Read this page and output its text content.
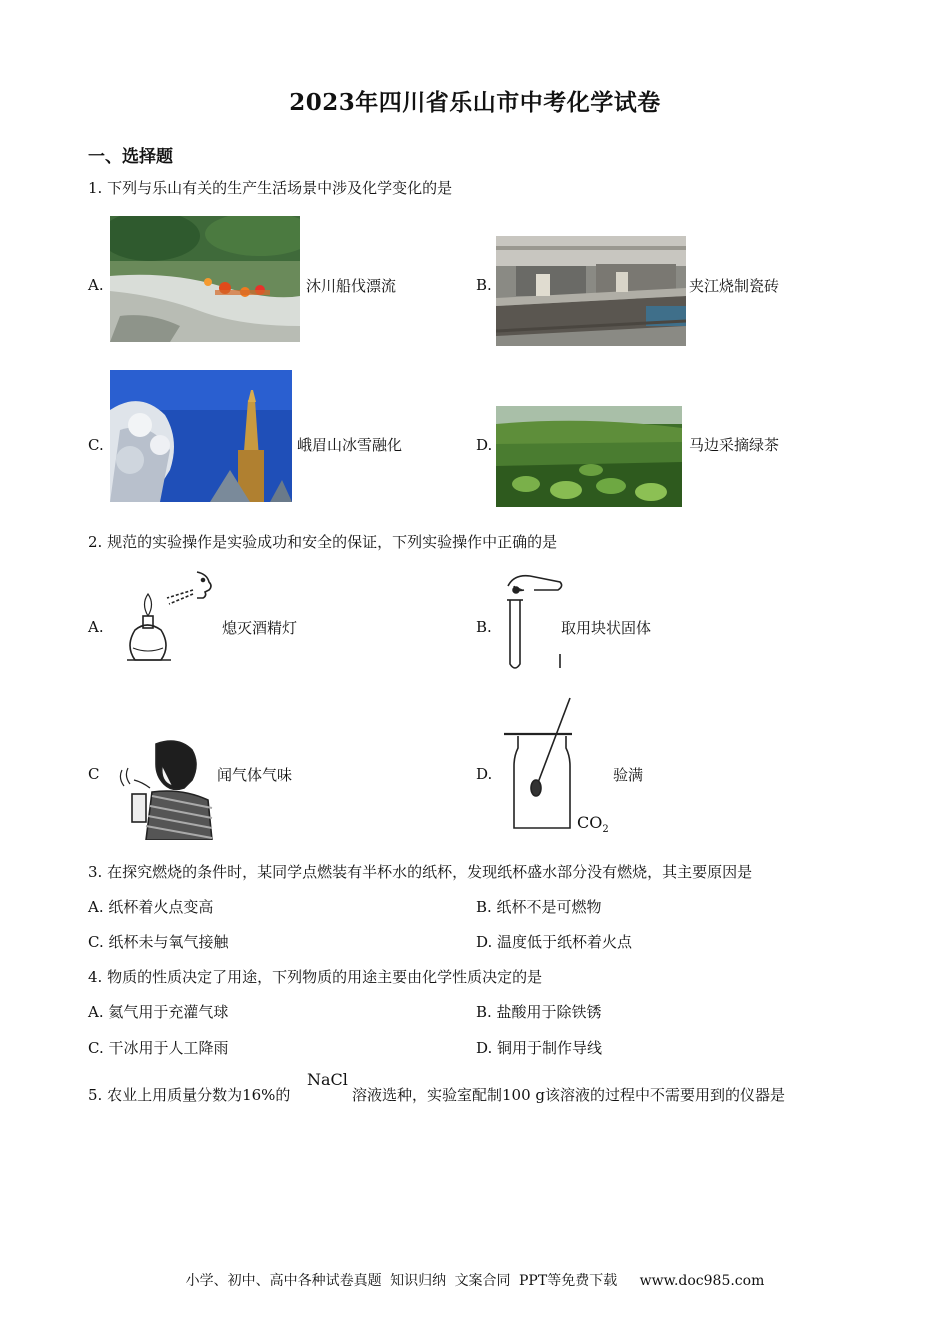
2023年四川省乐山市中考化学试卷
一、选择题
1. 下列与乐山有关的生产生活场景中涉及化学变化的是
A.	沐川船伐漂流	B.	夹江烧制瓷砖
C.	峨眉山冰雪融化	D.	马边采摘绿茶
2. 规范的实验操作是实验成功和安全的保证，下列实验操作中正确的是
A.	熄灭酒精灯	B.	取用块状固体
C	闻气体气味	D.
$CO_2$
验满
3. 在探究燃烧的条件时，某同学点燃装有半杯水的纸杯，发现纸杯盛水部分没有燃烧，其主要原因是
A. 纸杯着火点变高	B. 纸杯不是可燃物
C. 纸杯未与氧气接触	D. 温度低于纸杯着火点
4. 物质的性质决定了用途，下列物质的用途主要由化学性质决定的是
A. 氦气用于充灌气球	B. 盐酸用于除铁锈
C. 干冰用于人工降雨	D. 铜用于制作导线
5. 农业上用质量分数为16%的
NaCl
溶液选种，实验室配制100 g该溶液的过程中不需要用到的仪器是
小学、初中、高中各种试卷真题 知识归纳 文案合同 PPT等免费下载 www.doc985.com
